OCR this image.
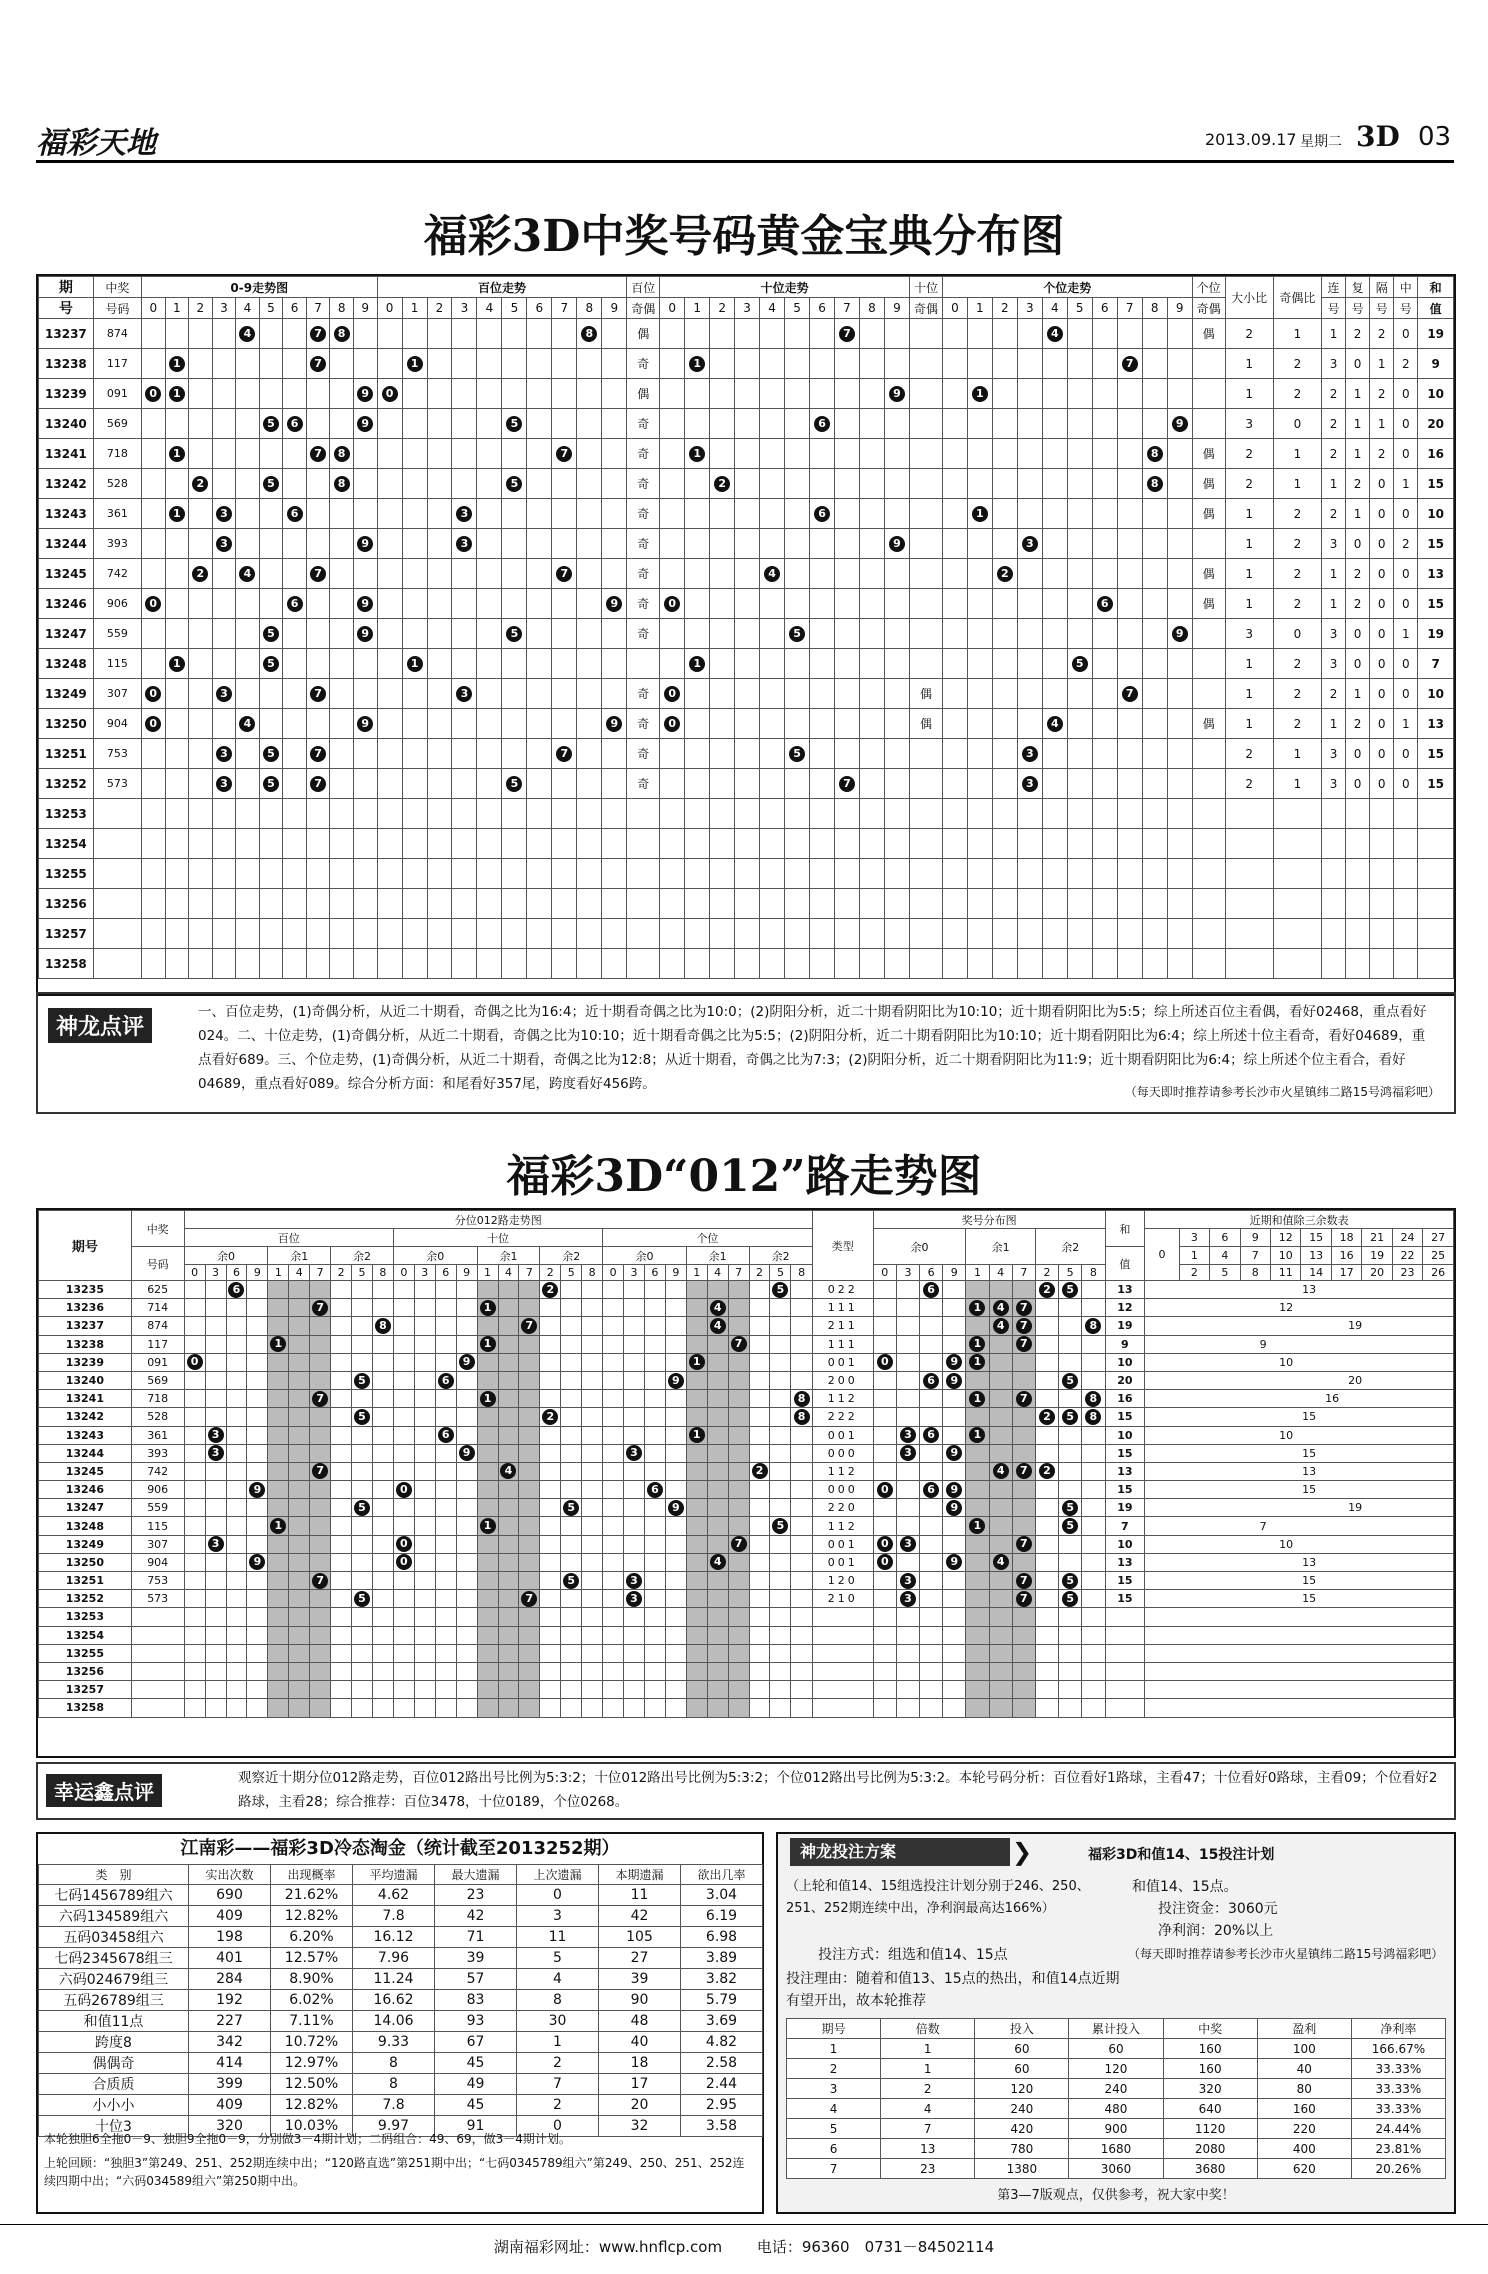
福彩天地	2013.09.17 星期二 3D 03
福彩3D中奖号码黄金宝典分布图
期	中奖	0-9走势图										百位走势										百位	十位走势										十位	个位走势										个位	大小比	奇偶比	连	复	隔	中	和
号	号码	0	1	2	3	4	5	6	7	8	9	0	1	2	3	4	5	6	7	8	9	奇偶	0	1	2	3	4	5	6	7	8	9	奇偶	0	1	2	3	4	5	6	7	8	9	奇偶			号	号	号	号	值
13237	874					4			7	8										8		偶								7								4						偶	2	1	1	2	2	0	19
13238	117		1						7				1									奇		1																	7				1	2	3	0	1	2	9
13239	091	0	1								9	0										偶										9			1										1	2	2	1	2	0	10
13240	569						5	6			9						5					奇							6														9		3	0	2	1	1	0	20
13241	718		1						7	8									7			奇		1																		8		偶	2	1	2	1	2	0	16
13242	528			2			5			8							5					奇			2																	8		偶	2	1	1	2	0	1	15
13243	361		1		3			6							3							奇							6						1									偶	1	2	2	1	0	0	10
13244	393				3						9				3							奇										9					3								1	2	3	0	0	2	15
13245	742			2		4			7										7			奇					4									2								偶	1	2	1	2	0	0	13
13246	906	0						6			9										9	奇	0																	6				偶	1	2	1	2	0	0	15
13247	559						5				9						5					奇						5															9		3	0	3	0	0	1	19
13248	115		1				5						1											1															5						1	2	3	0	0	0	7
13249	307	0			3				7						3							奇	0										偶								7				1	2	2	1	0	0	10
13250	904	0				4					9										9	奇	0										偶					4						偶	1	2	1	2	0	1	13
13251	753				3		5		7										7			奇						5									3								2	1	3	0	0	0	15
13252	573				3		5		7								5					奇								7							3								2	1	3	0	0	0	15
13253																																																			
13254																																																			
13255																																																			
13256																																																			
13257																																																			
13258																																																			
神龙点评
一、百位走势，(1)奇偶分析，从近二十期看，奇偶之比为16:4；近十期看奇偶之比为10:0；(2)阴阳分析，近二十期看阴阳比为10:10；近十期看阴阳比为5:5；综上所述百位主看偶，看好02468，重点看好024。二、十位走势，(1)奇偶分析，从近二十期看，奇偶之比为10:10；近十期看奇偶之比为5:5；(2)阴阳分析，近二十期看阴阳比为10:10；近十期看阴阳比为6:4；综上所述十位主看奇，看好04689，重点看好689。三、个位走势，(1)奇偶分析，从近二十期看，奇偶之比为12:8；从近十期看，奇偶之比为7:3；(2)阴阳分析，近二十期看阴阳比为11:9；近十期看阴阳比为6:4；综上所述个位主看合，看好04689，重点看好089。综合分析方面：和尾看好357尾，跨度看好456跨。	（每天即时推荐请参考长沙市火星镇纬二路15号鸿福彩吧）
福彩3D“012”路走势图
期号	中奖	分位012路走势图																														类型	奖号分布图										和	近期和值除三余数表									
		百位										十位										个位											余0				余1			余2				0	3	6	9	12	15	18	21	24	27
	号码	余0				余1			余2			余0				余1			余2			余0				余1			余2														值		1	4	7	10	13	16	19	22	25
		0	3	6	9	1	4	7	2	5	8	0	3	6	9	1	4	7	2	5	8	0	3	6	9	1	4	7	2	5	8		0	3	6	9	1	4	7	2	5	8			2	5	8	11	14	17	20	23	26
13235	625			6															2											5		022			6					2	5		13	13									
13236	714							7								1											4					111					1	4	7				12	12									
13237	874										8							7									4					211						4	7			8	19	19									
13238	117					1										1												7				111					1		7				9	9									
13239	091	0													9											1						001	0			9	1						10	10									
13240	569									5				6											9							200			6	9					5		20	20									
13241	718							7								1															8	112					1		7			8	16	16									
13242	528									5									2												8	222								2	5	8	15	15									
13243	361		3											6												1						001		3	6		1						10	10									
13244	393		3												9								3									000		3		9							15	15									
13245	742							7									4												2			112						4	7	2			13	13									
13246	906				9							0												6								000	0		6	9							15	15									
13247	559									5										5					9							220				9					5		19	19									
13248	115					1										1														5		112					1				5		7	7									
13249	307		3									0																7				001	0	3					7				10	10									
13250	904				9							0															4					001	0			9		4					13	13									
13251	753							7												5			3									120		3					7		5		15	15									
13252	573									5								7					3									210		3					7		5		15	15									
13253																																																					
13254																																																					
13255																																																					
13256																																																					
13257																																																					
13258																																																					
幸运鑫点评
观察近十期分位012路走势，百位012路出号比例为5:3:2；十位012路出号比例为5:3:2；个位012路出号比例为5:3:2。本轮号码分析：百位看好1路球，主看47；十位看好0路球，主看09；个位看好2路球，主看28；综合推荐：百位3478，十位0189，个位0268。
江南彩——福彩3D冷态淘金（统计截至2013252期）
类　别	实出次数	出现概率	平均遗漏	最大遗漏	上次遗漏	本期遗漏	欲出几率
七码1456789组六	690	21.62%	4.62	23	0	11	3.04
六码134589组六	409	12.82%	7.8	42	3	42	6.19
五码03458组六	198	6.20%	16.12	71	11	105	6.98
七码2345678组三	401	12.57%	7.96	39	5	27	3.89
六码024679组三	284	8.90%	11.24	57	4	39	3.82
五码26789组三	192	6.02%	16.62	83	8	90	5.79
和值11点	227	7.11%	14.06	93	30	48	3.69
跨度8	342	10.72%	9.33	67	1	40	4.82
偶偶奇	414	12.97%	8	45	2	18	2.58
合质质	399	12.50%	8	49	7	17	2.44
小小小	409	12.82%	7.8	45	2	20	2.95
十位3	320	10.03%	9.97	91	0	32	3.58
本轮独胆6全拖0－9、独胆9全拖0－9，分别做3－4期计划；二码组合：49、69，做3－4期计划。
上轮回顾：“独胆3”第249、251、252期连续中出；“120路直选”第251期中出；“七码0345789组六”第249、250、251、252连续四期中出；“六码034589组六”第250期中出。
神龙投注方案	❯	福彩3D和值14、15投注计划
（上轮和值14、15组选投注计划分别于246、250、251、252期连续中出，净利润最高达166%）
和值14、15点。
投注资金：3060元
净利润：20%以上
（每天即时推荐请参考长沙市火星镇纬二路15号鸿福彩吧）
投注方式：组选和值14、15点
投注理由：随着和值13、15点的热出，和值14点近期有望开出，故本轮推荐
期号	倍数	投入	累计投入	中奖	盈利	净利率
1	1	60	60	160	100	166.67%
2	1	60	120	160	40	33.33%
3	2	120	240	320	80	33.33%
4	4	240	480	640	160	33.33%
5	7	420	900	1120	220	24.44%
6	13	780	1680	2080	400	23.81%
7	23	1380	3060	3680	620	20.26%
第3—7版观点，仅供参考，祝大家中奖！
湖南福彩网址：www.hnflcp.com　　 电话：96360　0731－84502114
